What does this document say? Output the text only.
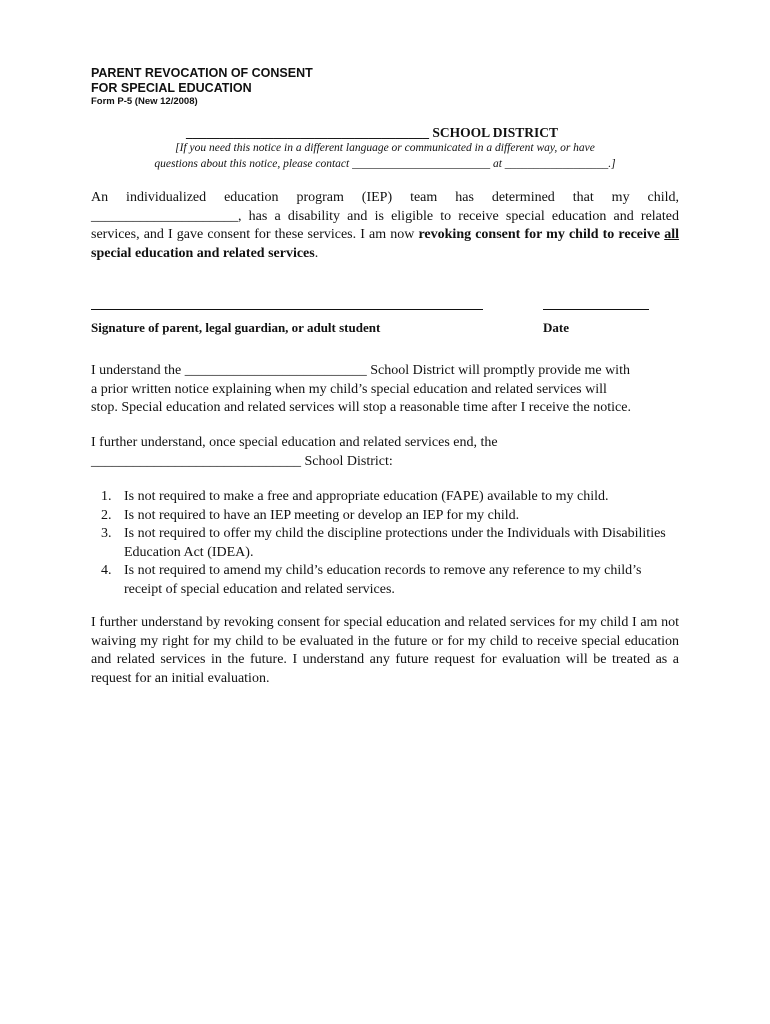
PARENT REVOCATION OF CONSENT
FOR SPECIAL EDUCATION
Form P-5 (New 12/2008)
____________________________________ SCHOOL DISTRICT
[If you need this notice in a different language or communicated in a different way, or have
questions about this notice, please contact ________________________ at __________________.]
An individualized education program (IEP) team has determined that my child, _____________________, has a disability and is eligible to receive special education and related services, and I gave consent for these services. I am now revoking consent for my child to receive all special education and related services.
Signature of parent, legal guardian, or adult student	Date
I understand the __________________________ School District will promptly provide me with
a prior written notice explaining when my child’s special education and related services will
stop. Special education and related services will stop a reasonable time after I receive the notice.
I further understand, once special education and related services end, the
______________________________ School District:
1. Is not required to make a free and appropriate education (FAPE) available to my child.
2. Is not required to have an IEP meeting or develop an IEP for my child.
3. Is not required to offer my child the discipline protections under the Individuals with Disabilities Education Act (IDEA).
4. Is not required to amend my child’s education records to remove any reference to my child’s receipt of special education and related services.
I further understand by revoking consent for special education and related services for my child I am not waiving my right for my child to be evaluated in the future or for my child to receive special education and related services in the future. I understand any future request for evaluation will be treated as a request for an initial evaluation.
